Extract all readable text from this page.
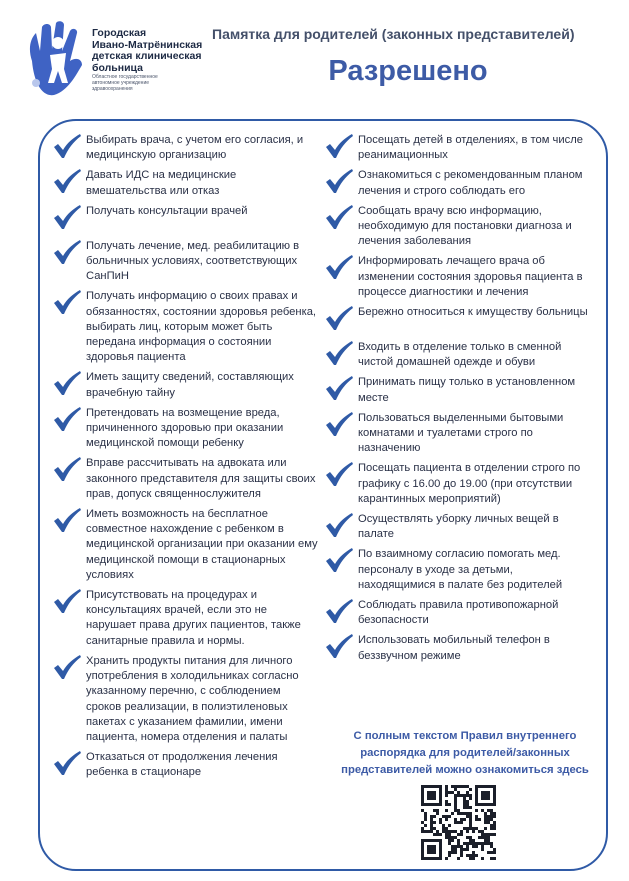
Городская
Ивано-Матрёнинская
детская клиническая
больница
Областное государственное
автономное учреждение
здравоохранения
Памятка для родителей (законных представителей)
Разрешено
Выбирать врача, с учетом его согласия, и медицинскую организацию
Давать ИДС на медицинские вмешательства или отказ
Получать консультации врачей
Получать лечение, мед. реабилитацию в больничных условиях, соответствующих СанПиН
Получать информацию о своих правах и обязанностях, состоянии здоровья ребенка, выбирать лиц, которым может быть передана информация о состоянии здоровья пациента
Иметь защиту сведений, составляющих врачебную тайну
Претендовать на возмещение вреда, причиненного здоровью при оказании медицинской помощи ребенку
Вправе рассчитывать на адвоката или законного представителя для защиты своих прав, допуск священнослужителя
Иметь возможность на бесплатное совместное нахождение с ребенком в медицинской организации при оказании ему медицинской помощи в стационарных условиях
Присутствовать на процедурах и консультациях врачей, если это не нарушает права других пациентов, также санитарные правила и нормы.
Хранить продукты питания для личного употребления в холодильниках согласно указанному перечню, с соблюдением сроков реализации, в полиэтиленовых пакетах с указанием фамилии, имени пациента, номера отделения и палаты
Отказаться от продолжения лечения ребенка в стационаре
Посещать детей в отделениях, в том числе реанимационных
Ознакомиться с рекомендованным планом лечения и строго соблюдать его
Сообщать врачу всю информацию, необходимую для постановки диагноза и лечения заболевания
Информировать лечащего врача об изменении состояния здоровья пациента в процессе диагностики и лечения
Бережно относиться к имуществу больницы
Входить в отделение только в сменной чистой домашней одежде и обуви
Принимать пищу только в установленном месте
Пользоваться выделенными бытовыми комнатами и туалетами строго по назначению
Посещать пациента в отделении строго по графику с 16.00 до 19.00 (при отсутствии карантинных мероприятий)
Осуществлять уборку личных вещей в палате
По взаимному согласию помогать мед. персоналу в уходе за детьми, находящимися в палате без родителей
Соблюдать правила противопожарной безопасности
Использовать мобильный телефон в беззвучном режиме
С полным текстом Правил внутреннего распорядка для родителей/законных представителей можно ознакомиться здесь
